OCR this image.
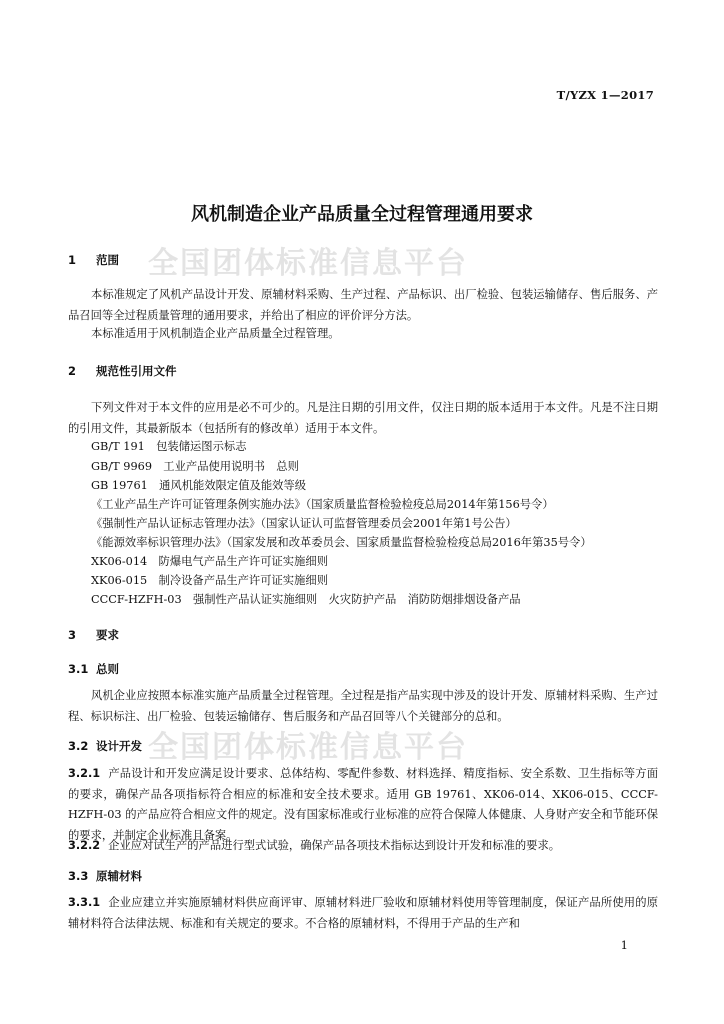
T/YZX 1—2017
风机制造企业产品质量全过程管理通用要求
全国团体标准信息平台
全国团体标准信息平台
1 范围
本标准规定了风机产品设计开发、原辅材料采购、生产过程、产品标识、出厂检验、包装运输储存、售后服务、产品召回等全过程质量管理的通用要求，并给出了相应的评价评分方法。
本标准适用于风机制造企业产品质量全过程管理。
2 规范性引用文件
下列文件对于本文件的应用是必不可少的。凡是注日期的引用文件，仅注日期的版本适用于本文件。凡是不注日期的引用文件，其最新版本（包括所有的修改单）适用于本文件。
GB/T 191　包装储运图示标志
GB/T 9969　工业产品使用说明书　总则
GB 19761　通风机能效限定值及能效等级
《工业产品生产许可证管理条例实施办法》（国家质量监督检验检疫总局2014年第156号令）
《强制性产品认证标志管理办法》（国家认证认可监督管理委员会2001年第1号公告）
《能源效率标识管理办法》（国家发展和改革委员会、国家质量监督检验检疫总局2016年第35号令）
XK06-014　防爆电气产品生产许可证实施细则
XK06-015　制冷设备产品生产许可证实施细则
CCCF-HZFH-03　强制性产品认证实施细则　火灾防护产品　消防防烟排烟设备产品
3 要求
3.1 总则
风机企业应按照本标准实施产品质量全过程管理。全过程是指产品实现中涉及的设计开发、原辅材料采购、生产过程、标识标注、出厂检验、包装运输储存、售后服务和产品召回等八个关键部分的总和。
3.2 设计开发
3.2.1 产品设计和开发应满足设计要求、总体结构、零配件参数、材料选择、精度指标、安全系数、卫生指标等方面的要求，确保产品各项指标符合相应的标准和安全技术要求。适用 GB 19761、XK06-014、XK06-015、CCCF-HZFH-03 的产品应符合相应文件的规定。没有国家标准或行业标准的应符合保障人体健康、人身财产安全和节能环保的要求，并制定企业标准且备案。
3.2.2 企业应对试生产的产品进行型式试验，确保产品各项技术指标达到设计开发和标准的要求。
3.3 原辅材料
3.3.1 企业应建立并实施原辅材料供应商评审、原辅材料进厂验收和原辅材料使用等管理制度，保证产品所使用的原辅材料符合法律法规、标准和有关规定的要求。不合格的原辅材料，不得用于产品的生产和
1
